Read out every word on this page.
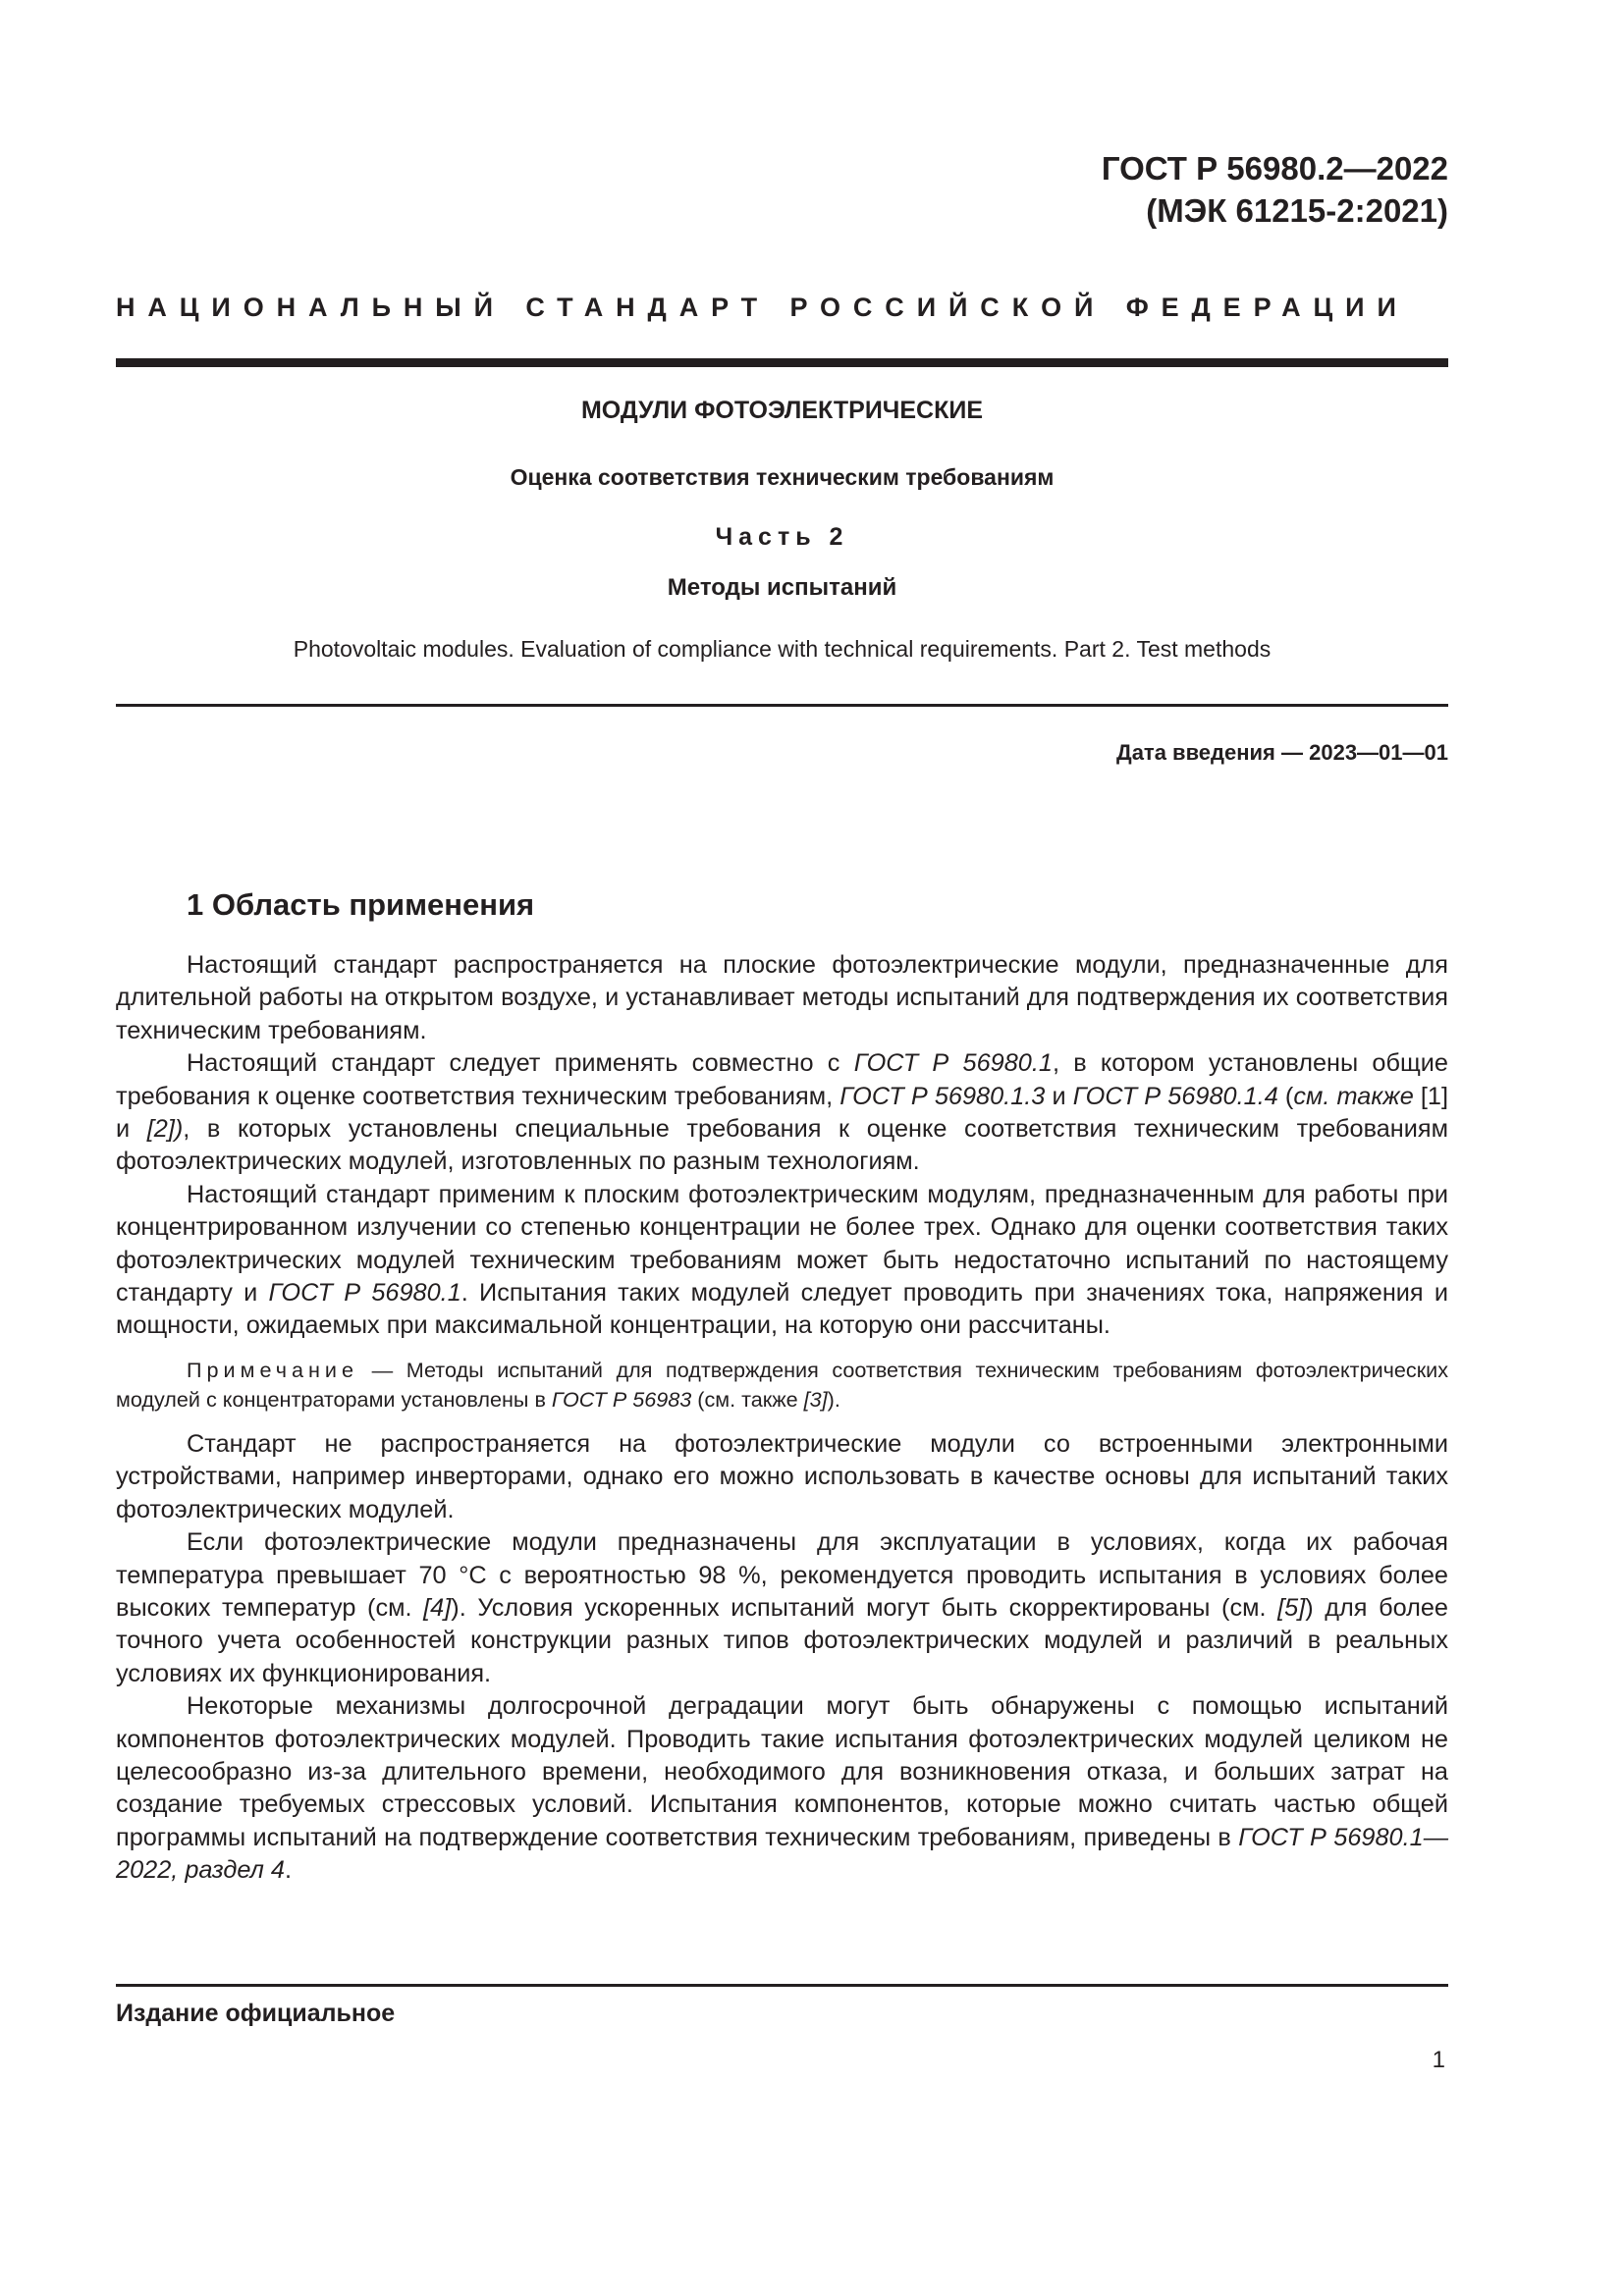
ГОСТ Р 56980.2—2022
(МЭК 61215-2:2021)
НАЦИОНАЛЬНЫЙ СТАНДАРТ РОССИЙСКОЙ ФЕДЕРАЦИИ
МОДУЛИ ФОТОЭЛЕКТРИЧЕСКИЕ
Оценка соответствия техническим требованиям
Часть 2
Методы испытаний
Photovoltaic modules. Evaluation of compliance with technical requirements. Part 2. Test methods
Дата введения — 2023—01—01
1 Область применения

Настоящий стандарт распространяется на плоские фотоэлектрические модули, предназначенные для длительной работы на открытом воздухе, и устанавливает методы испытаний для подтверждения их соответствия техническим требованиям.

Настоящий стандарт следует применять совместно с ГОСТ Р 56980.1, в котором установлены общие требования к оценке соответствия техническим требованиям, ГОСТ Р 56980.1.3 и ГОСТ Р 56980.1.4 (см. также [1] и [2]), в которых установлены специальные требования к оценке соответствия техническим требованиям фотоэлектрических модулей, изготовленных по разным технологиям.

Настоящий стандарт применим к плоским фотоэлектрическим модулям, предназначенным для работы при концентрированном излучении со степенью концентрации не более трех. Однако для оценки соответствия таких фотоэлектрических модулей техническим требованиям может быть недостаточно испытаний по настоящему стандарту и ГОСТ Р 56980.1. Испытания таких модулей следует проводить при значениях тока, напряжения и мощности, ожидаемых при максимальной концентрации, на которую они рассчитаны.

Примечание — Методы испытаний для подтверждения соответствия техническим требованиям фотоэлектрических модулей с концентраторами установлены в ГОСТ Р 56983 (см. также [3]).

Стандарт не распространяется на фотоэлектрические модули со встроенными электронными устройствами, например инверторами, однако его можно использовать в качестве основы для испытаний таких фотоэлектрических модулей.

Если фотоэлектрические модули предназначены для эксплуатации в условиях, когда их рабочая температура превышает 70 °С с вероятностью 98 %, рекомендуется проводить испытания в условиях более высоких температур (см. [4]). Условия ускоренных испытаний могут быть скорректированы (см. [5]) для более точного учета особенностей конструкции разных типов фотоэлектрических модулей и различий в реальных условиях их функционирования.

Некоторые механизмы долгосрочной деградации могут быть обнаружены с помощью испытаний компонентов фотоэлектрических модулей. Проводить такие испытания фотоэлектрических модулей целиком не целесообразно из-за длительного времени, необходимого для возникновения отказа, и больших затрат на создание требуемых стрессовых условий. Испытания компонентов, которые можно считать частью общей программы испытаний на подтверждение соответствия техническим требованиям, приведены в ГОСТ Р 56980.1—2022, раздел 4.

Издание официальное
1
